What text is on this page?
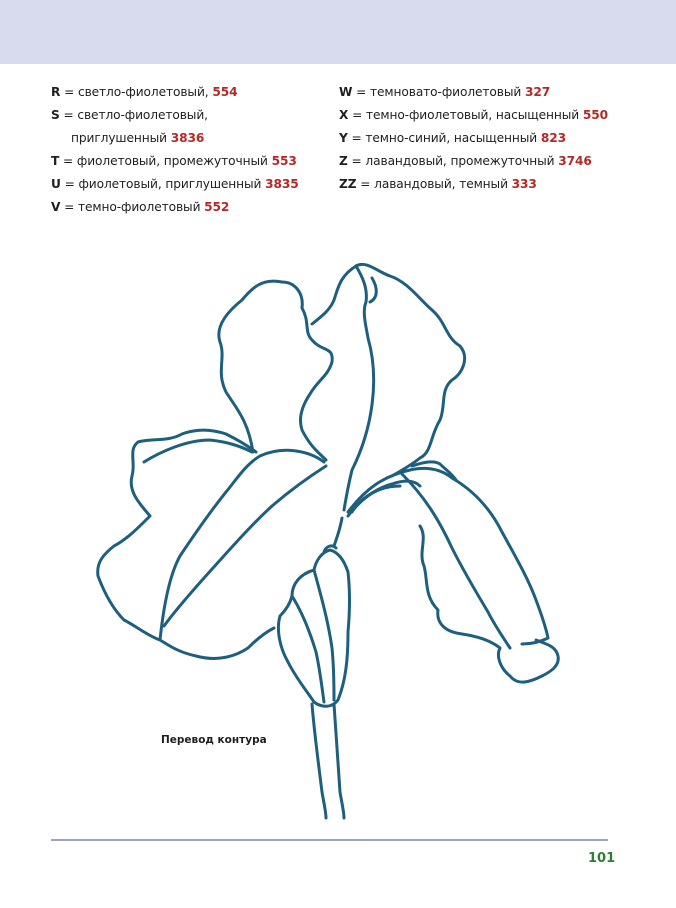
R = светло-фиолетовый, 554
S = светло-фиолетовый,
приглушенный 3836
T = фиолетовый, промежуточный 553
U = фиолетовый, приглушенный 3835
V = темно-фиолетовый 552
W = темновато-фиолетовый 327
X = темно-фиолетовый, насыщенный 550
Y = темно-синий, насыщенный 823
Z = лавандовый, промежуточный 3746
ZZ = лавандовый, темный 333
Перевод контура
101
